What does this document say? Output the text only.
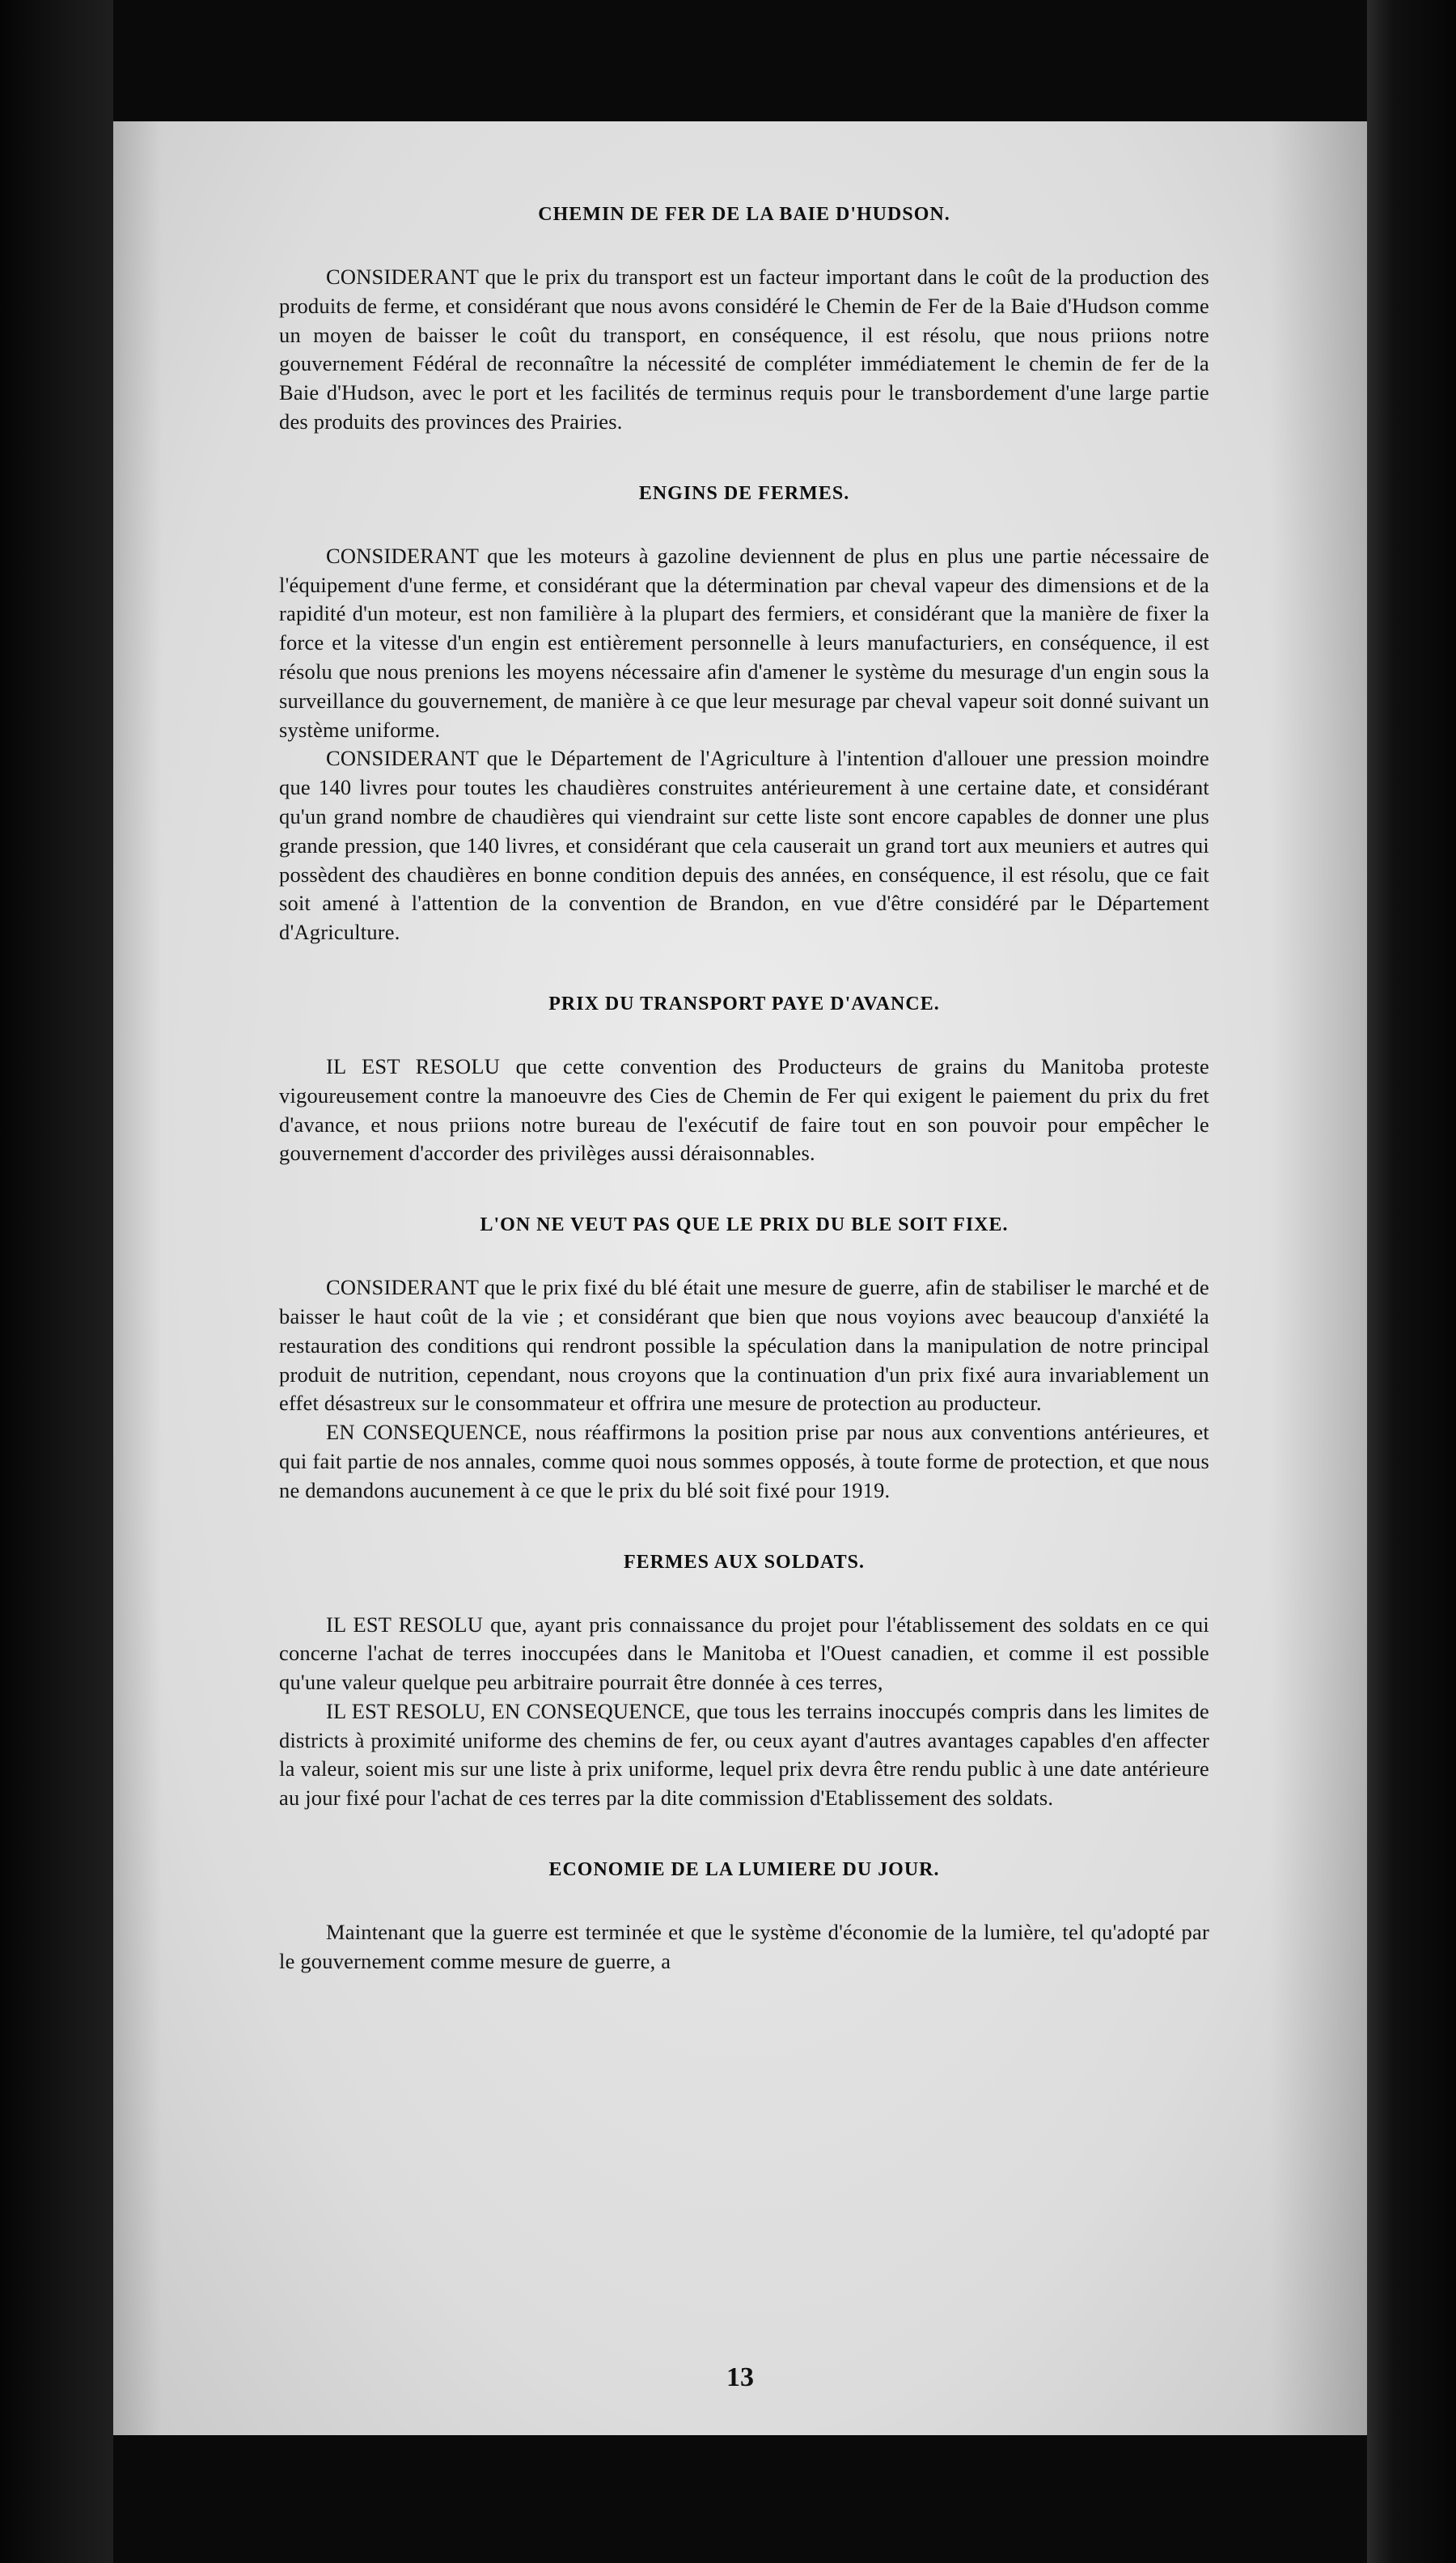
CHEMIN DE FER DE LA BAIE D'HUDSON.

CONSIDERANT que le prix du transport est un facteur important dans le coût de la production des produits de ferme, et considérant que nous avons considéré le Chemin de Fer de la Baie d'Hudson comme un moyen de baisser le coût du transport, en conséquence, il est résolu, que nous priions notre gouvernement Fédéral de reconnaître la nécessité de compléter immédiatement le chemin de fer de la Baie d'Hudson, avec le port et les facilités de terminus requis pour le transbordement d'une large partie des produits des provinces des Prairies.

ENGINS DE FERMES.

CONSIDERANT que les moteurs à gazoline deviennent de plus en plus une partie nécessaire de l'équipement d'une ferme, et considérant que la détermination par cheval vapeur des dimensions et de la rapidité d'un moteur, est non familière à la plupart des fermiers, et considérant que la manière de fixer la force et la vitesse d'un engin est entièrement personnelle à leurs manufacturiers, en conséquence, il est résolu que nous prenions les moyens nécessaire afin d'amener le système du mesurage d'un engin sous la surveillance du gouvernement, de manière à ce que leur mesurage par cheval vapeur soit donné suivant un système uniforme.

CONSIDERANT que le Département de l'Agriculture à l'intention d'allouer une pression moindre que 140 livres pour toutes les chaudières construites antérieurement à une certaine date, et considérant qu'un grand nombre de chaudières qui viendraint sur cette liste sont encore capables de donner une plus grande pression, que 140 livres, et considérant que cela causerait un grand tort aux meuniers et autres qui possèdent des chaudières en bonne condition depuis des années, en conséquence, il est résolu, que ce fait soit amené à l'attention de la convention de Brandon, en vue d'être considéré par le Département d'Agriculture.

PRIX DU TRANSPORT PAYE D'AVANCE.

IL EST RESOLU que cette convention des Producteurs de grains du Manitoba proteste vigoureusement contre la manoeuvre des Cies de Chemin de Fer qui exigent le paiement du prix du fret d'avance, et nous priions notre bureau de l'exécutif de faire tout en son pouvoir pour empêcher le gouvernement d'accorder des privilèges aussi déraisonnables.

L'ON NE VEUT PAS QUE LE PRIX DU BLE SOIT FIXE.

CONSIDERANT que le prix fixé du blé était une mesure de guerre, afin de stabiliser le marché et de baisser le haut coût de la vie ; et considérant que bien que nous voyions avec beaucoup d'anxiété la restauration des conditions qui rendront possible la spéculation dans la manipulation de notre principal produit de nutrition, cependant, nous croyons que la continuation d'un prix fixé aura invariablement un effet désastreux sur le consommateur et offrira une mesure de protection au producteur.

EN CONSEQUENCE, nous réaffirmons la position prise par nous aux conventions antérieures, et qui fait partie de nos annales, comme quoi nous sommes opposés, à toute forme de protection, et que nous ne demandons aucunement à ce que le prix du blé soit fixé pour 1919.

FERMES AUX SOLDATS.

IL EST RESOLU que, ayant pris connaissance du projet pour l'établissement des soldats en ce qui concerne l'achat de terres inoccupées dans le Manitoba et l'Ouest canadien, et comme il est possible qu'une valeur quelque peu arbitraire pourrait être donnée à ces terres,

IL EST RESOLU, EN CONSEQUENCE, que tous les terrains inoccupés compris dans les limites de districts à proximité uniforme des chemins de fer, ou ceux ayant d'autres avantages capables d'en affecter la valeur, soient mis sur une liste à prix uniforme, lequel prix devra être rendu public à une date antérieure au jour fixé pour l'achat de ces terres par la dite commission d'Etablissement des soldats.

ECONOMIE DE LA LUMIERE DU JOUR.

Maintenant que la guerre est terminée et que le système d'économie de la lumière, tel qu'adopté par le gouvernement comme mesure de guerre, a

13
